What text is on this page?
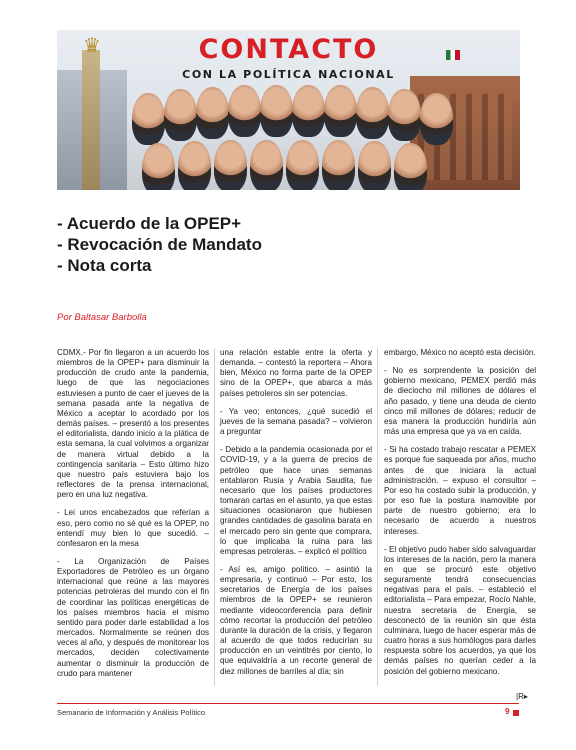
♛	CONTACTO
CON LA POLÍTICA NACIONAL
- Acuerdo de la OPEP+
- Revocación de Mandato
- Nota corta
Por Baltasar Barbolla

CDMX.- Por fin llegaron a un acuerdo los miembros de la OPEP+ para disminuir la producción de crudo ante la pandemia, luego de que las negociaciones estuviesen a punto de caer el jueves de la semana pasada ante la negativa de México a aceptar lo acordado por los demás países. – presentó a los presentes el editorialista, dando inicio a la plática de esta semana, la cual volvimos a organizar de manera virtual debido a la contingencia sanitaria – Esto último hizo que nuestro país estuviera bajo los reflectores de la prensa internacional, pero en una luz negativa.

- Lei unos encabezados que referían a eso, pero como no sé qué es la OPEP, no entendí muy bien lo que sucedió. – confesaron en la mesa

- La Organización de Países Exportadores de Petróleo es un órgano internacional que reúne a las mayores potencias petroleras del mundo con el fin de coordinar las políticas energéticas de los países miembros hacia el mismo sentido para poder darle estabilidad a los mercados. Normalmente se reúnen dos veces al año, y después de monitorear los mercados, deciden colectivamente aumentar o disminuir la producción de crudo para mantener

una relación estable entre la oferta y demanda. – contestó la reportera – Ahora bien, México no forma parte de la OPEP sino de la OPEP+, que abarca a más países petroleros sin ser potencias.

- Ya veo; entonces, ¿qué sucedió el jueves de la semana pasada? – volvieron a preguntar

- Debido a la pandemia ocasionada por el COVID-19, y a la guerra de precios de petróleo que hace unas semanas entablaron Rusia y Arabia Saudita, fue necesario que los países productores tomaran cartas en el asunto, ya que estas situaciones ocasionaron que hubiesen grandes cantidades de gasolina barata en el mercado pero sin gente que comprara, lo que implicaba la ruina para las empresas petroleras. – explicó el político

- Así es, amigo político. – asintió la empresaria, y continuó – Por esto, los secretarios de Energía de los países miembros de la OPEP+ se reunieron mediante videoconferencia para definir cómo recortar la producción del petróleo durante la duración de la crisis, y llegaron al acuerdo de que todos reducirían su producción en un veintitrés por ciento, lo que equivaldría a un recorte general de diez millones de barriles al día; sin

embargo, México no aceptó esta decisión.

- No es sorprendente la posición del gobierno mexicano, PEMEX perdió más de dieciocho mil millones de dólares el año pasado, y tiene una deuda de ciento cinco mil millones de dólares; reducir de esa manera la producción hundiría aún más una empresa que ya va en caída.

- Si ha costado trabajo rescatar a PEMEX es porque fue saqueada por años, mucho antes de que iniciara la actual administración. – expuso el consultor – Por eso ha costado subir la producción, y por eso fue la postura inamovible por parte de nuestro gobierno; era lo necesario de acuerdo a nuestros intereses.

- El objetivo pudo haber sido salvaguardar los intereses de la nación, pero la manera en que se procuró este objetivo seguramente tendrá consecuencias negativas para el país. – estableció el editorialista – Para empezar, Rocío Nahle, nuestra secretaria de Energía, se desconectó de la reunión sin que ésta culminara, luego de hacer esperar más de cuatro horas a sus homólogos para darles respuesta sobre los acuerdos, ya que los demás países no querían ceder a la posición del gobierno mexicano.

|R▸
Semanario de Información y Análisis Político	9
